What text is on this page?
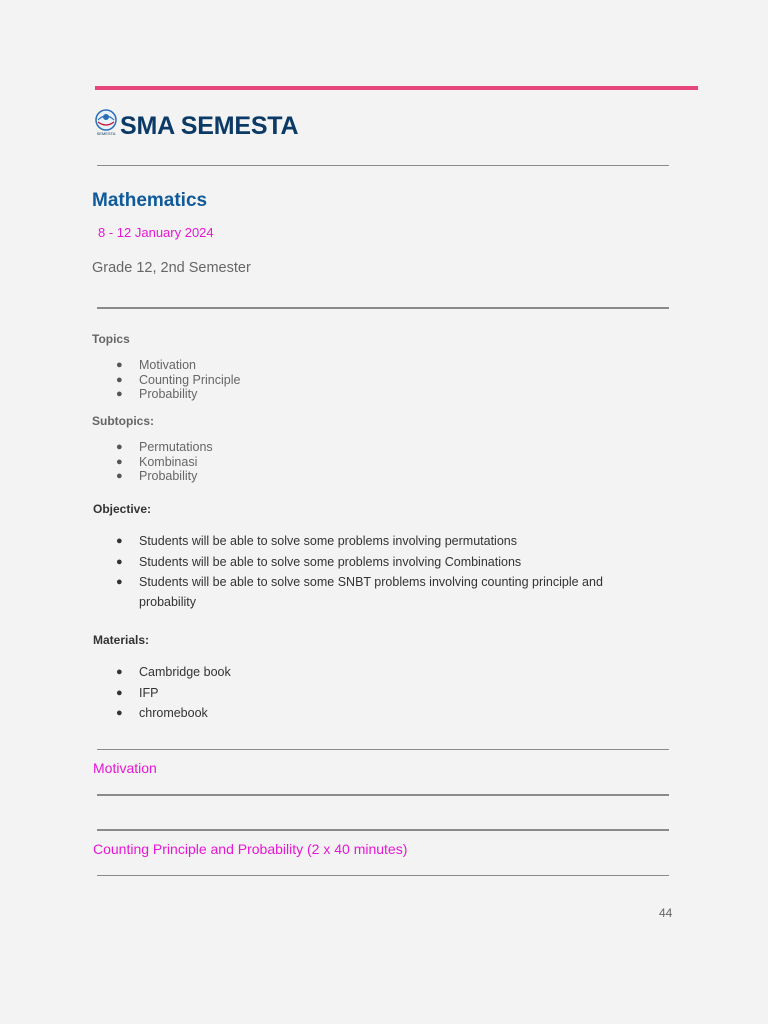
SEMESTA SMA SEMESTA
Mathematics
8 - 12 January 2024
Grade 12, 2nd Semester
Topics
● Motivation
● Counting Principle
● Probability
Subtopics:
● Permutations
● Kombinasi
● Probability
Objective:
● Students will be able to solve some problems involving permutations
● Students will be able to solve some problems involving Combinations
● Students will be able to solve some SNBT problems involving counting principle and probability
Materials:
● Cambridge book
● IFP
● chromebook
Motivation
Counting Principle and Probability (2 x 40 minutes)
44
